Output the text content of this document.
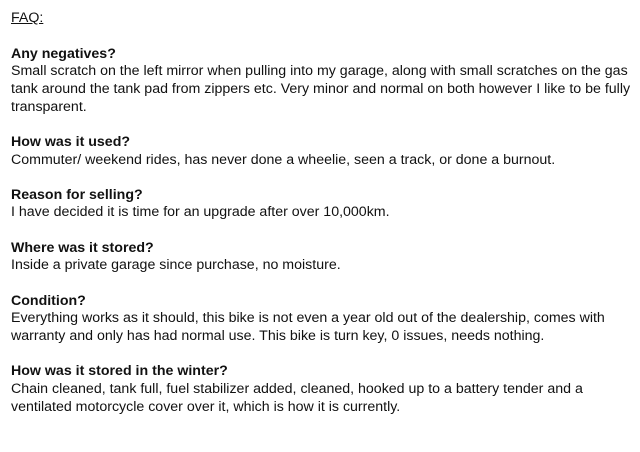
FAQ:

Any negatives?

Small scratch on the left mirror when pulling into my garage, along with small scratches on the gas tank around the tank pad from zippers etc. Very minor and normal on both however I like to be fully transparent.

How was it used?

Commuter/ weekend rides, has never done a wheelie, seen a track, or done a burnout.

Reason for selling?

I have decided it is time for an upgrade after over 10,000km.

Where was it stored?

Inside a private garage since purchase, no moisture.

Condition?

Everything works as it should, this bike is not even a year old out of the dealership, comes with warranty and only has had normal use. This bike is turn key, 0 issues, needs nothing.

How was it stored in the winter?

Chain cleaned, tank full, fuel stabilizer added, cleaned, hooked up to a battery tender and a ventilated motorcycle cover over it, which is how it is currently.
